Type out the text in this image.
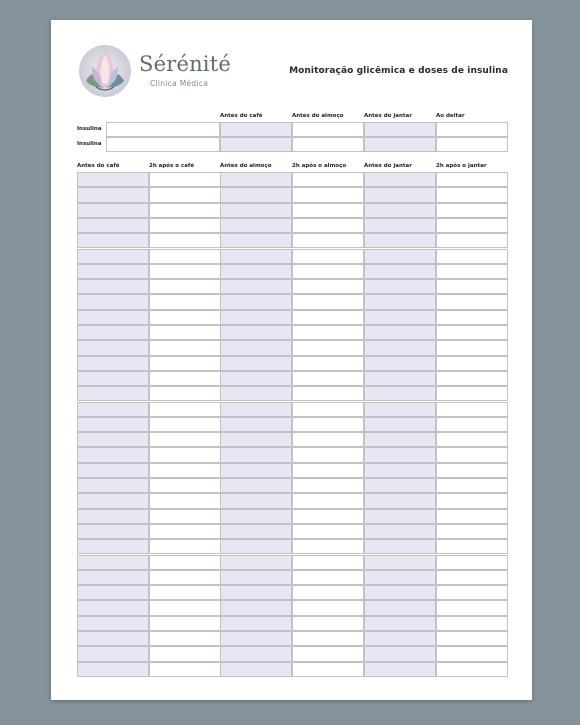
Sérénité
Clinica Médica
Monitoração glicêmica e doses de insulina
Antes do café	Antes do almoço	Antes do jantar	Ao deitar
Insulina
Insulina
Antes do café	2h após o café	Antes do almoço	2h após o almoço	Antes do jantar	2h após o jantar
